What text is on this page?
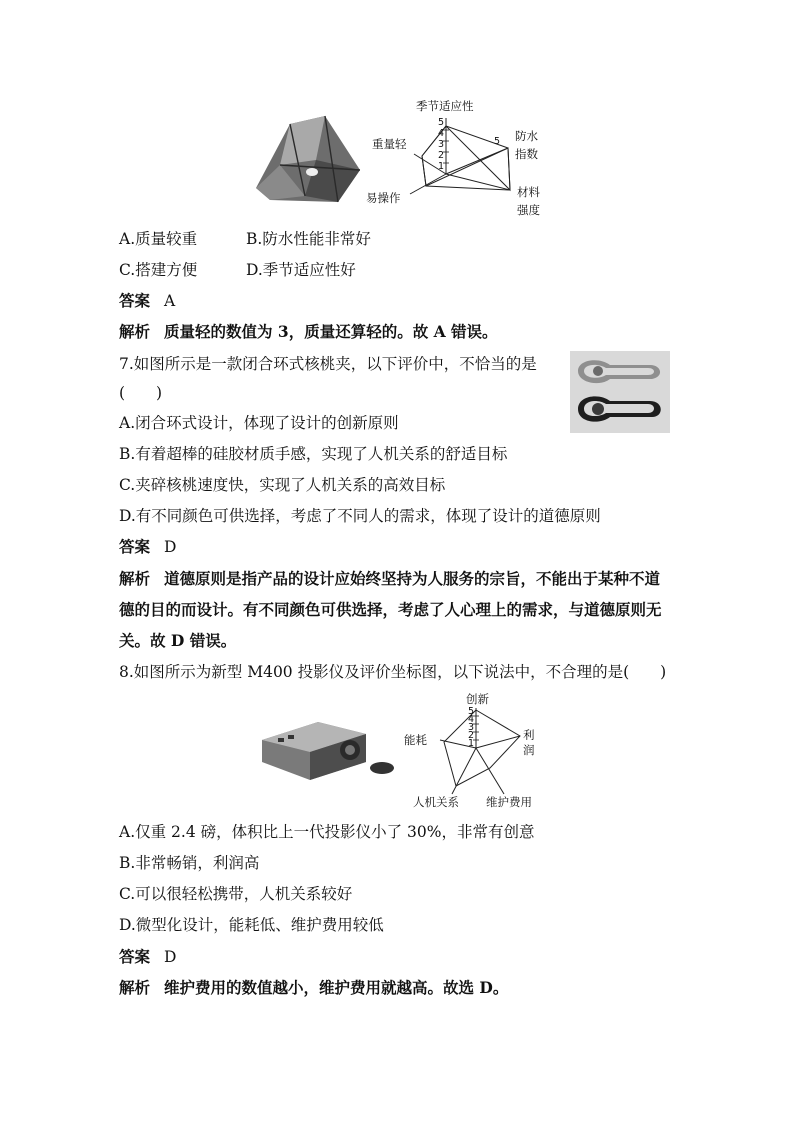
季节适应性
重量轻
防水
指数
易操作	材料
强度
5
4
3
2
1
5
A.质量较重	B.防水性能非常好
C.搭建方便	D.季节适应性好
答案 A
解析 质量轻的数值为 3，质量还算轻的。故 A 错误。
7.如图所示是一款闭合环式核桃夹，以下评价中，不恰当的是
(　　)
A.闭合环式设计，体现了设计的创新原则
B.有着超棒的硅胶材质手感，实现了人机关系的舒适目标
C.夹碎核桃速度快，实现了人机关系的高效目标
D.有不同颜色可供选择，考虑了不同人的需求，体现了设计的道德原则
答案 D
解析 道德原则是指产品的设计应始终坚持为人服务的宗旨，不能出于某种不道
德的目的而设计。有不同颜色可供选择，考虑了人心理上的需求，与道德原则无
关。故 D 错误。
8.如图所示为新型 M400 投影仪及评价坐标图，以下说法中，不合理的是(　　)
创新
能耗	利
润
人机关系 维护费用
5
4
3
2
1
A.仅重 2.4 磅，体积比上一代投影仪小了 30%，非常有创意
B.非常畅销，利润高
C.可以很轻松携带，人机关系较好
D.微型化设计，能耗低、维护费用较低
答案 D
解析 维护费用的数值越小，维护费用就越高。故选 D。
